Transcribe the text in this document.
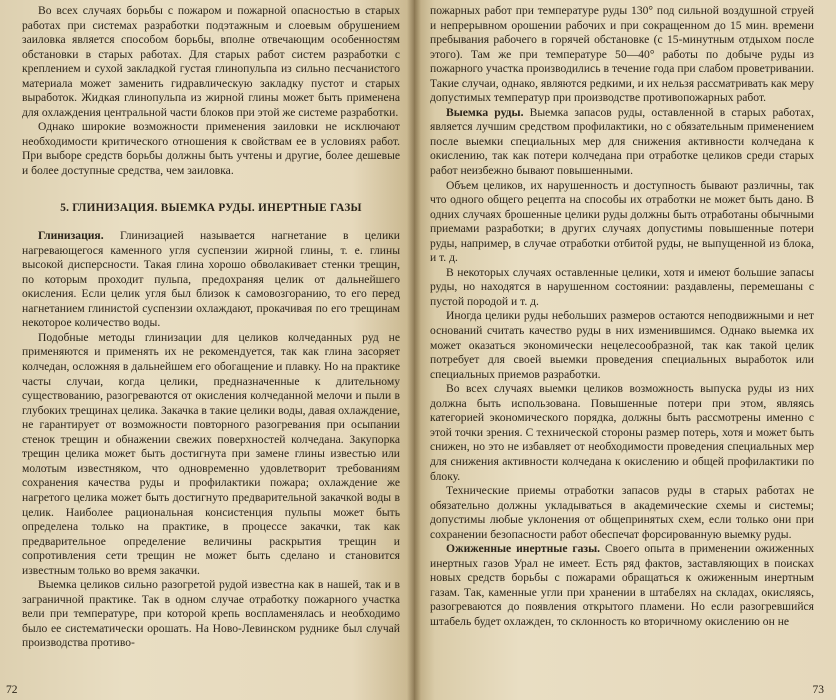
Во всех случаях борьбы с пожаром и пожарной опасностью в старых работах при системах разработки подэтажным и слоевым обрушением заиловка является способом борьбы, вполне отвечающим особенностям обстановки в старых работах. Для старых работ систем разработки с креплением и сухой закладкой густая глинопульпа из сильно песчанистого материала может заменить гидравлическую закладку пустот и старых выработок. Жидкая глинопульпа из жирной глины может быть применена для охлаждения центральной части блоков при этой же системе разработки.

Однако широкие возможности применения заиловки не исключают необходимости критического отношения к свойствам ее в условиях работ. При выборе средств борьбы должны быть учтены и другие, более дешевые и более доступные средства, чем заиловка.

5. ГЛИНИЗАЦИЯ. ВЫЕМКА РУДЫ. ИНЕРТНЫЕ ГАЗЫ

Глинизация. Глинизацией называется нагнетание в целики нагревающегося каменного угля суспензии жирной глины, т. е. глины высокой дисперсности. Такая глина хорошо обволакивает стенки трещин, по которым проходит пульпа, предохраняя целик от дальнейшего окисления. Если целик угля был близок к самовозгоранию, то его перед нагнетанием глинистой суспензии охлаждают, прокачивая по его трещинам некоторое количество воды.

Подобные методы глинизации для целиков колчеданных руд не применяются и применять их не рекомендуется, так как глина засоряет колчедан, осложняя в дальнейшем его обогащение и плавку. Но на практике часты случаи, когда целики, предназначенные к длительному существованию, разогреваются от окисления колчеданной мелочи и пыли в глубоких трещинах целика. Закачка в такие целики воды, давая охлаждение, не гарантирует от возможности повторного разогревания при осыпании стенок трещин и обнажении свежих поверхностей колчедана. Закупорка трещин целика может быть достигнута при замене глины известью или молотым известняком, что одновременно удовлетворит требованиям сохранения качества руды и профилактики пожара; охлаждение же нагретого целика может быть достигнуто предварительной закачкой воды в целик. Наиболее рациональная консистенция пульпы может быть определена только на практике, в процессе закачки, так как предварительное определение величины раскрытия трещин и сопротивления сети трещин не может быть сделано и становится известным только во время закачки.

Выемка целиков сильно разогретой рудой известна как в нашей, так и в заграничной практике. Так в одном случае отработку пожарного участка вели при температуре, при которой крепь воспламенялась и необходимо было ее систематически орошать. На Ново-Левинском руднике был случай производства противо-

72

пожарных работ при температуре руды 130° под сильной воздушной струей и непрерывном орошении рабочих и при сокращенном до 15 мин. времени пребывания рабочего в горячей обстановке (с 15-минутным отдыхом после этого). Там же при температуре 50—40° работы по добыче руды из пожарного участка производились в течение года при слабом проветривании. Такие случаи, однако, являются редкими, и их нельзя рассматривать как меру допустимых температур при производстве противопожарных работ.

Выемка руды. Выемка запасов руды, оставленной в старых работах, является лучшим средством профилактики, но с обязательным применением после выемки специальных мер для снижения активности колчедана к окислению, так как потери колчедана при отработке целиков среди старых работ неизбежно бывают повышенными.

Объем целиков, их нарушенность и доступность бывают различны, так что одного общего рецепта на способы их отработки не может быть дано. В одних случаях брошенные целики руды должны быть отработаны обычными приемами разработки; в других случаях допустимы повышенные потери руды, например, в случае отработки отбитой руды, не выпущенной из блока, и т. д.

В некоторых случаях оставленные целики, хотя и имеют большие запасы руды, но находятся в нарушенном состоянии: раздавлены, перемешаны с пустой породой и т. д.

Иногда целики руды небольших размеров остаются неподвижными и нет оснований считать качество руды в них изменившимся. Однако выемка их может оказаться экономически нецелесообразной, так как такой целик потребует для своей выемки проведения специальных выработок или специальных приемов разработки.

Во всех случаях выемки целиков возможность выпуска руды из них должна быть использована. Повышенные потери при этом, являясь категорией экономического порядка, должны быть рассмотрены именно с этой точки зрения. С технической стороны размер потерь, хотя и может быть снижен, но это не избавляет от необходимости проведения специальных мер для снижения активности колчедана к окислению и общей профилактики по блоку.

Технические приемы отработки запасов руды в старых работах не обязательно должны укладываться в академические схемы и системы; допустимы любые уклонения от общепринятых схем, если только они при сохранении безопасности работ обеспечат форсированную выемку руды.

Ожиженные инертные газы. Своего опыта в применении ожиженных инертных газов Урал не имеет. Есть ряд фактов, заставляющих в поисках новых средств борьбы с пожарами обращаться к ожиженным инертным газам. Так, каменные угли при хранении в штабелях на складах, окисляясь, разогреваются до появления открытого пламени. Но если разогревшийся штабель будет охлажден, то склонность ко вторичному окислению он не

73
